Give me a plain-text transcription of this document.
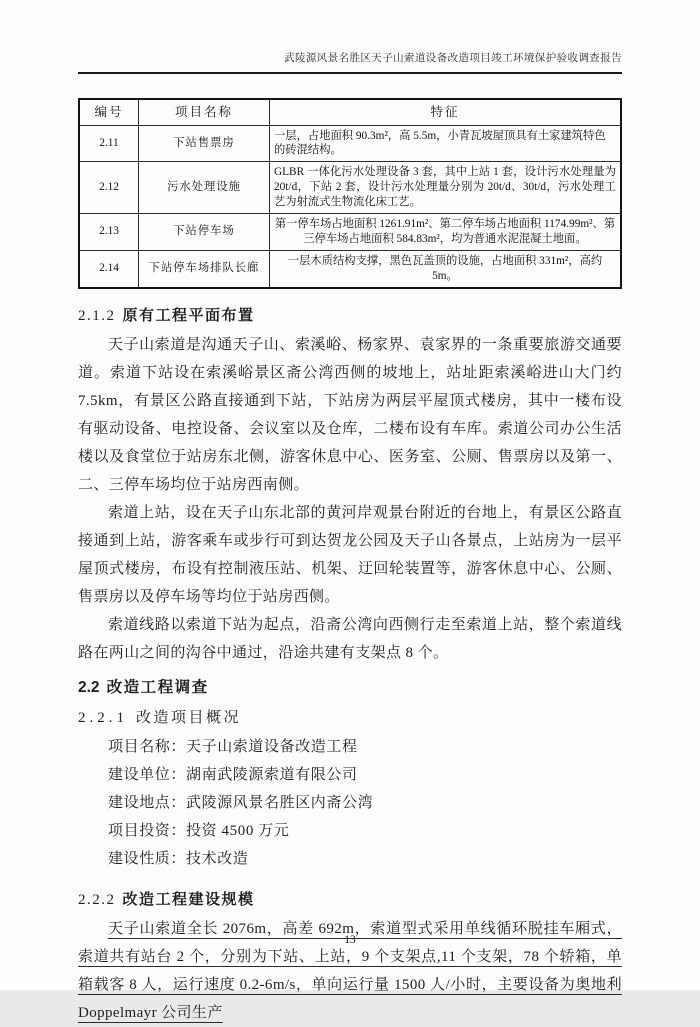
武陵源风景名胜区天子山索道设备改造项目竣工环境保护验收调查报告
编号	项目名称	特征
2.11	下站售票房	一层，占地面积 90.3m²，高 5.5m，小青瓦坡屋顶具有土家建筑特色的砖混结构。
2.12	污水处理设施	GLBR 一体化污水处理设备 3 套，其中上站 1 套，设计污水处理量为 20t/d，下站 2 套，设计污水处理量分别为 20t/d、30t/d，污水处理工艺为射流式生物流化床工艺。
2.13	下站停车场	第一停车场占地面积 1261.91m²、第二停车场占地面积 1174.99m²、第三停车场占地面积 584.83m²，均为普通水泥混凝土地面。
2.14	下站停车场排队长廊	一层木质结构支撑，黑色瓦盖顶的设施，占地面积 331m²，高约 5m。
2.1.2 原有工程平面布置

天子山索道是沟通天子山、索溪峪、杨家界、袁家界的一条重要旅游交通要道。索道下站设在索溪峪景区斋公湾西侧的坡地上，站址距索溪峪进山大门约 7.5km，有景区公路直接通到下站，下站房为两层平屋顶式楼房，其中一楼布设有驱动设备、电控设备、会议室以及仓库，二楼布设有车库。索道公司办公生活楼以及食堂位于站房东北侧，游客休息中心、医务室、公厕、售票房以及第一、二、三停车场均位于站房西南侧。

索道上站，设在天子山东北部的黄河岸观景台附近的台地上，有景区公路直接通到上站，游客乘车或步行可到达贺龙公园及天子山各景点，上站房为一层平屋顶式楼房，布设有控制液压站、机架、迂回轮装置等，游客休息中心、公厕、售票房以及停车场等均位于站房西侧。

索道线路以索道下站为起点，沿斋公湾向西侧行走至索道上站，整个索道线路在两山之间的沟谷中通过，沿途共建有支架点 8 个。

2.2 改造工程调查
2.2.1 改造项目概况

项目名称：天子山索道设备改造工程

建设单位：湖南武陵源索道有限公司

建设地点：武陵源风景名胜区内斋公湾

项目投资：投资 4500 万元

建设性质：技术改造

2.2.2 改造工程建设规模

天子山索道全长 2076m，高差 692m，索道型式采用单线循环脱挂车厢式，索道共有站台 2 个，分别为下站、上站，9 个支架点,11 个支架，78 个轿箱，单箱载客 8 人，运行速度 0.2-6m/s，单向运行量 1500 人/小时，主要设备为奥地利 Doppelmayr 公司生产

13
